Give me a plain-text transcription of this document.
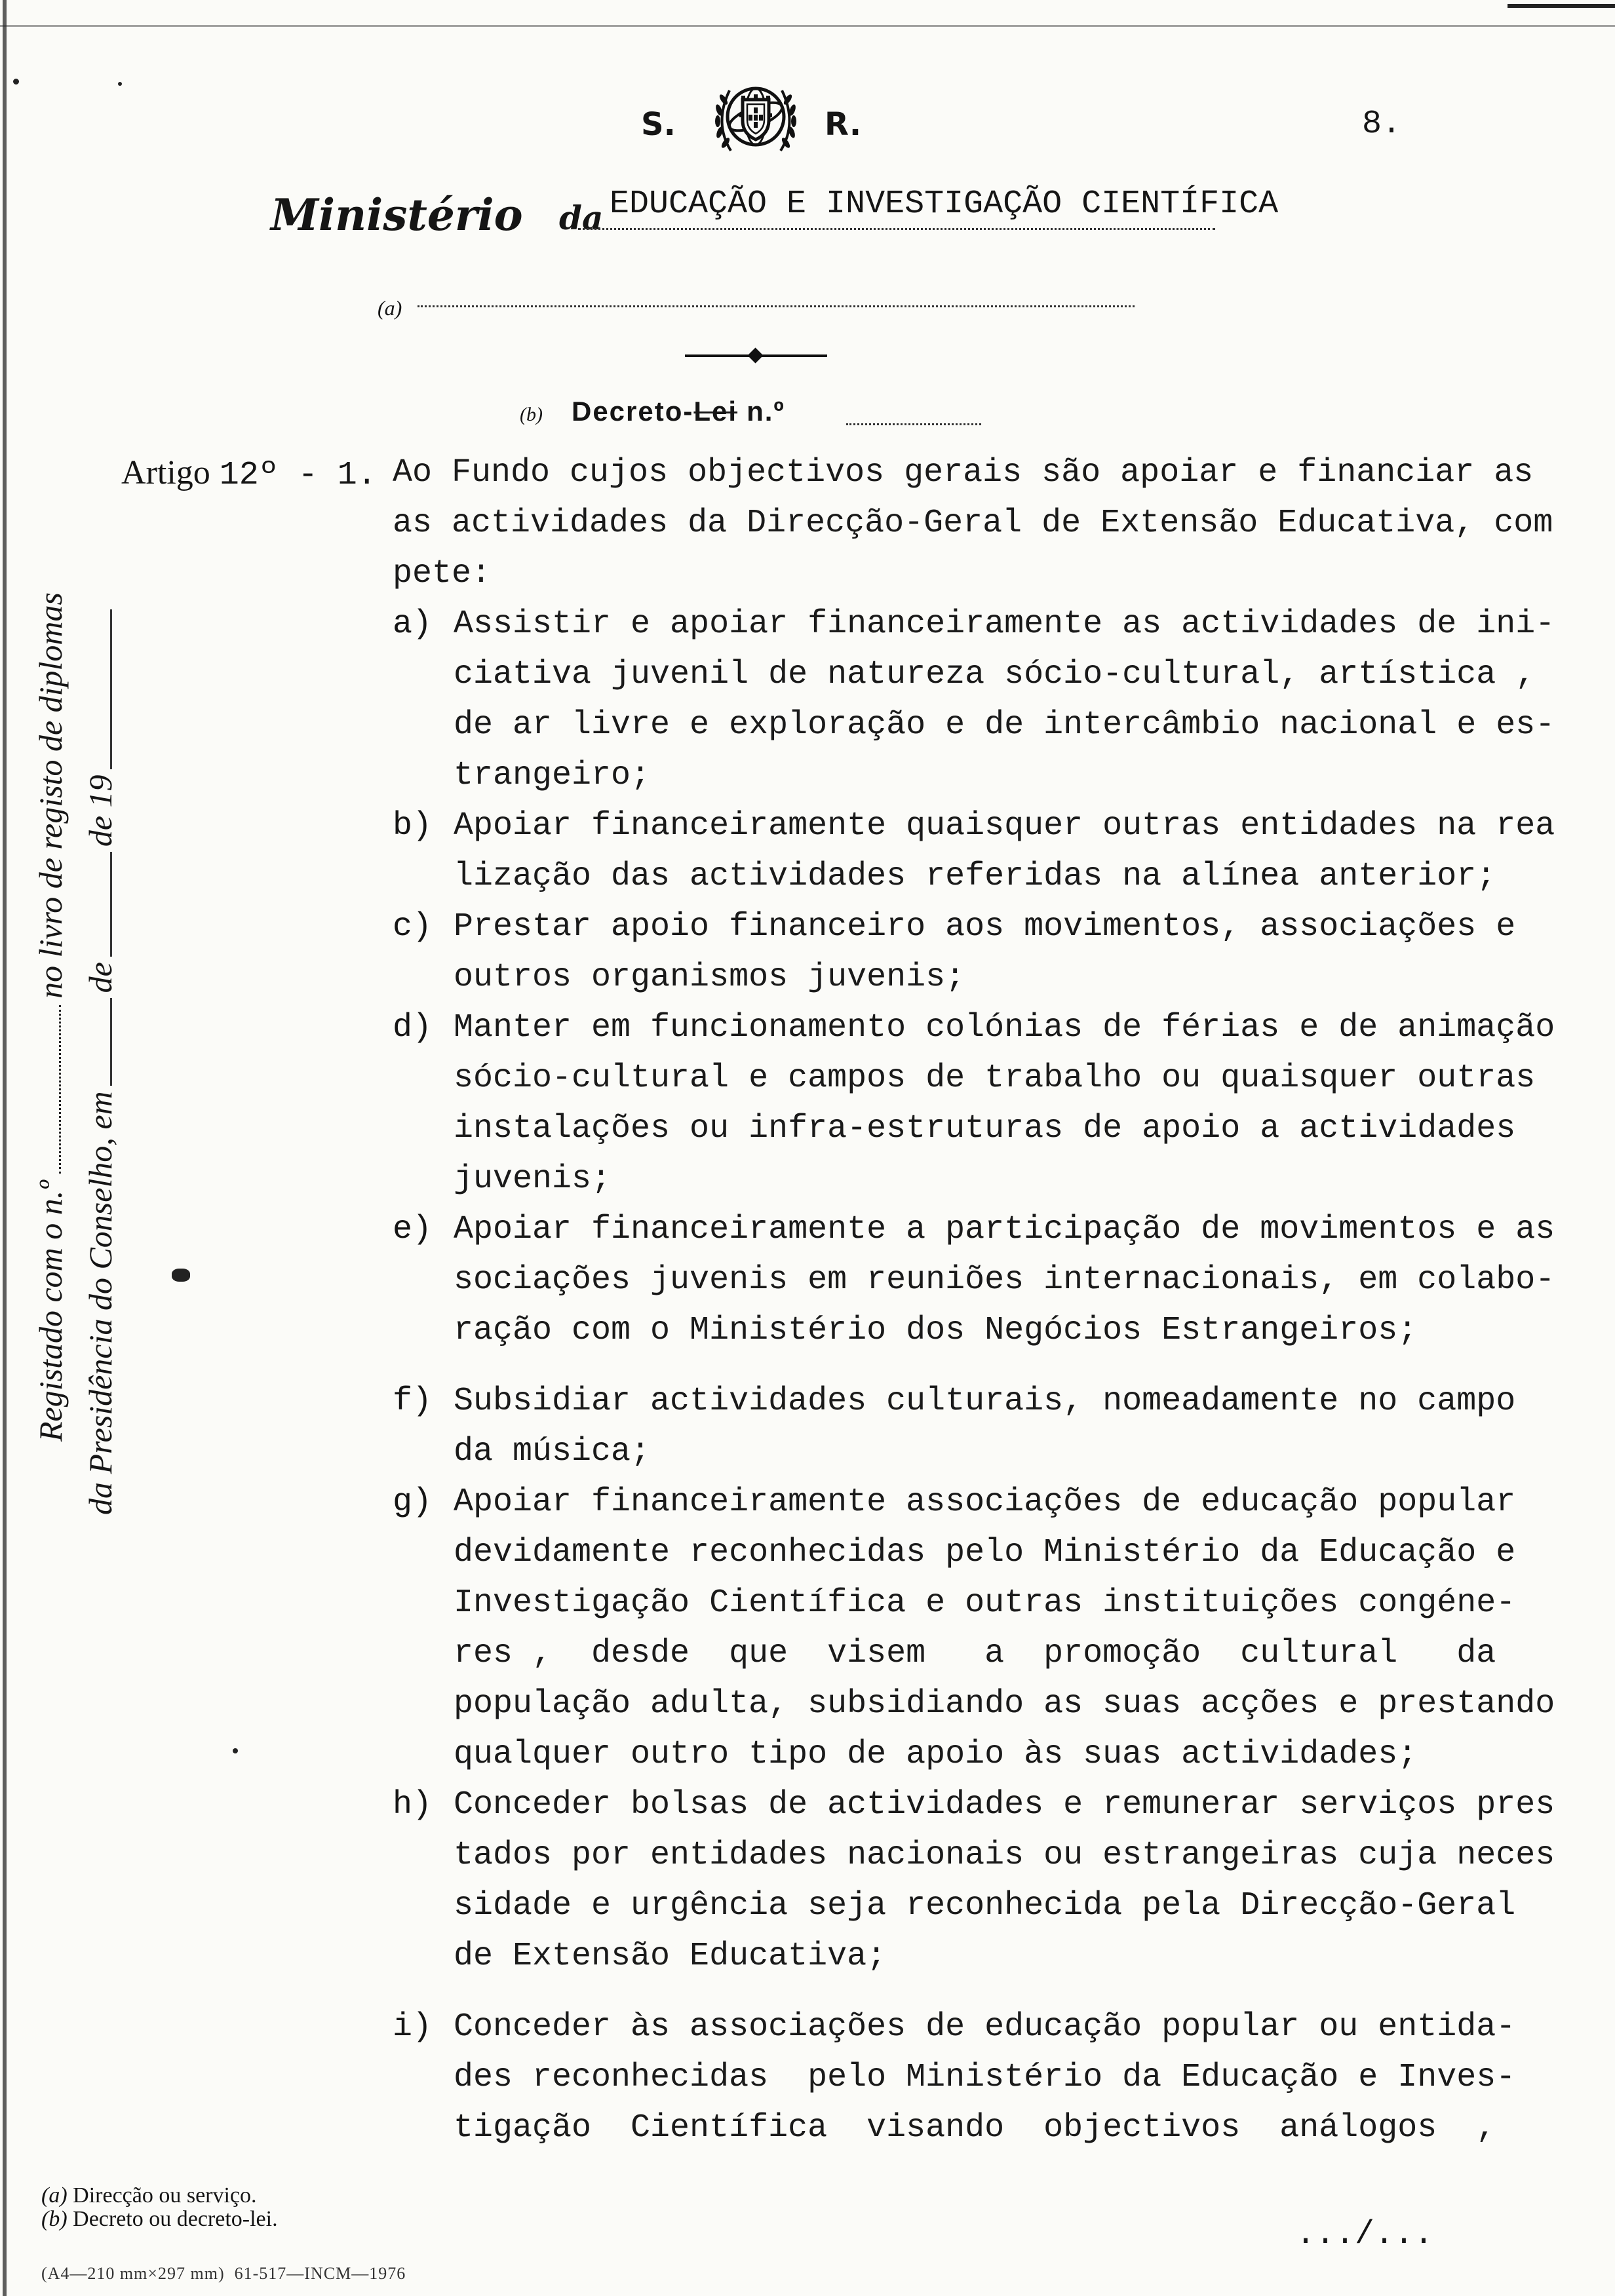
S.	R.	8.
Ministério da EDUCAÇÃO E INVESTIGAÇÃO CIENTÍFICA
(a)
(b) Decreto- Lei n.º
Artigo 12º - 1. Ao Fundo cujos objectivos gerais são apoiar e financiar as
as actividades da Direcção-Geral de Extensão Educativa, com
pete:
a) Assistir e apoiar financeiramente as actividades de ini-
ciativa juvenil de natureza sócio-cultural, artística ,
de ar livre e exploração e de intercâmbio nacional e es-
trangeiro;
b) Apoiar financeiramente quaisquer outras entidades na rea
lização das actividades referidas na alínea anterior;
c) Prestar apoio financeiro aos movimentos, associações e
outros organismos juvenis;
d) Manter em funcionamento colónias de férias e de animação
sócio-cultural e campos de trabalho ou quaisquer outras
instalações ou infra-estruturas de apoio a actividades
juvenis;
e) Apoiar financeiramente a participação de movimentos e as
sociações juvenis em reuniões internacionais, em colabo-
ração com o Ministério dos Negócios Estrangeiros;
f) Subsidiar actividades culturais, nomeadamente no campo
da música;
g) Apoiar financeiramente associações de educação popular
devidamente reconhecidas pelo Ministério da Educação e
Investigação Científica e outras instituições congéne-
res ,  desde  que  visem   a  promoção  cultural   da
população adulta, subsidiando as suas acções e prestando
qualquer outro tipo de apoio às suas actividades;
h) Conceder bolsas de actividades e remunerar serviços pres
tados por entidades nacionais ou estrangeiras cuja neces
sidade e urgência seja reconhecida pela Direcção-Geral
de Extensão Educativa;
i) Conceder às associações de educação popular ou entida-
des reconhecidas  pelo Ministério da Educação e Inves-
tigação  Científica  visando  objectivos  análogos  ,
Registado com o n.º
no livro de registo de diplomas
da Presidência do Conselho, em
de
de 19
(a) Direcção ou serviço.
(b) Decreto ou decreto-lei.
(A4—210 mm×297 mm)  61-517—INCM—1976
.../...
